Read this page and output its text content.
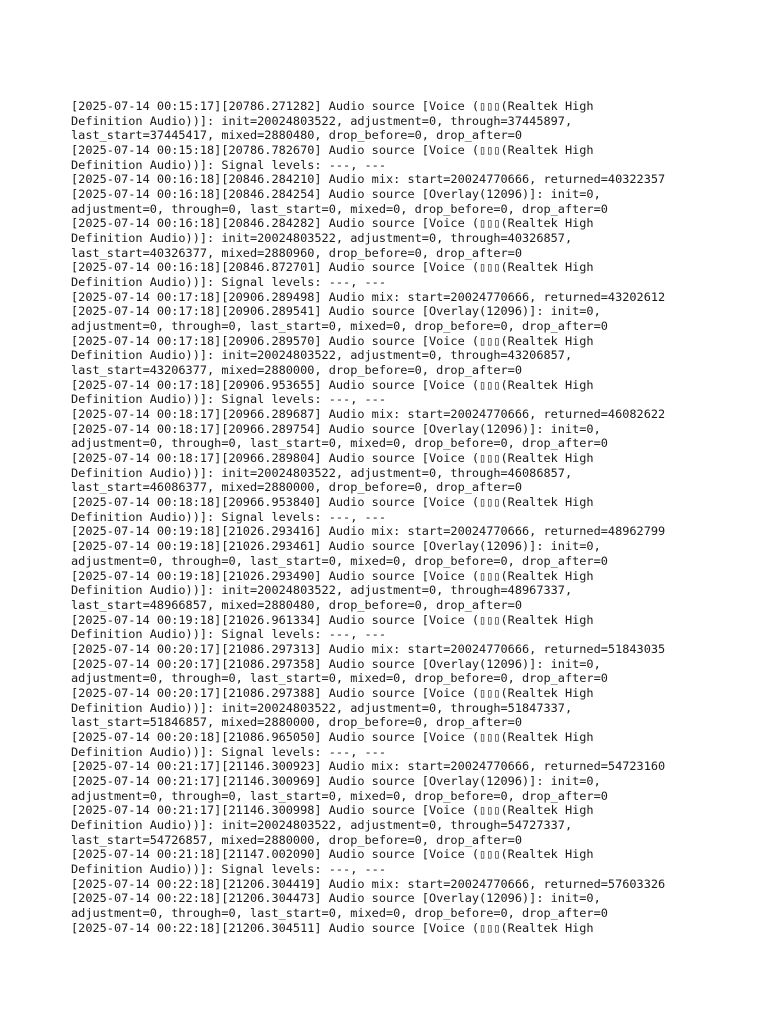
[2025-07-14 00:15:17][20786.271282] Audio source [Voice (▯▯▯(Realtek High
Definition Audio))]: init=20024803522, adjustment=0, through=37445897,
last_start=37445417, mixed=2880480, drop_before=0, drop_after=0
[2025-07-14 00:15:18][20786.782670] Audio source [Voice (▯▯▯(Realtek High
Definition Audio))]: Signal levels: ---, ---
[2025-07-14 00:16:18][20846.284210] Audio mix: start=20024770666, returned=40322357
[2025-07-14 00:16:18][20846.284254] Audio source [Overlay(12096)]: init=0,
adjustment=0, through=0, last_start=0, mixed=0, drop_before=0, drop_after=0
[2025-07-14 00:16:18][20846.284282] Audio source [Voice (▯▯▯(Realtek High
Definition Audio))]: init=20024803522, adjustment=0, through=40326857,
last_start=40326377, mixed=2880960, drop_before=0, drop_after=0
[2025-07-14 00:16:18][20846.872701] Audio source [Voice (▯▯▯(Realtek High
Definition Audio))]: Signal levels: ---, ---
[2025-07-14 00:17:18][20906.289498] Audio mix: start=20024770666, returned=43202612
[2025-07-14 00:17:18][20906.289541] Audio source [Overlay(12096)]: init=0,
adjustment=0, through=0, last_start=0, mixed=0, drop_before=0, drop_after=0
[2025-07-14 00:17:18][20906.289570] Audio source [Voice (▯▯▯(Realtek High
Definition Audio))]: init=20024803522, adjustment=0, through=43206857,
last_start=43206377, mixed=2880000, drop_before=0, drop_after=0
[2025-07-14 00:17:18][20906.953655] Audio source [Voice (▯▯▯(Realtek High
Definition Audio))]: Signal levels: ---, ---
[2025-07-14 00:18:17][20966.289687] Audio mix: start=20024770666, returned=46082622
[2025-07-14 00:18:17][20966.289754] Audio source [Overlay(12096)]: init=0,
adjustment=0, through=0, last_start=0, mixed=0, drop_before=0, drop_after=0
[2025-07-14 00:18:17][20966.289804] Audio source [Voice (▯▯▯(Realtek High
Definition Audio))]: init=20024803522, adjustment=0, through=46086857,
last_start=46086377, mixed=2880000, drop_before=0, drop_after=0
[2025-07-14 00:18:18][20966.953840] Audio source [Voice (▯▯▯(Realtek High
Definition Audio))]: Signal levels: ---, ---
[2025-07-14 00:19:18][21026.293416] Audio mix: start=20024770666, returned=48962799
[2025-07-14 00:19:18][21026.293461] Audio source [Overlay(12096)]: init=0,
adjustment=0, through=0, last_start=0, mixed=0, drop_before=0, drop_after=0
[2025-07-14 00:19:18][21026.293490] Audio source [Voice (▯▯▯(Realtek High
Definition Audio))]: init=20024803522, adjustment=0, through=48967337,
last_start=48966857, mixed=2880480, drop_before=0, drop_after=0
[2025-07-14 00:19:18][21026.961334] Audio source [Voice (▯▯▯(Realtek High
Definition Audio))]: Signal levels: ---, ---
[2025-07-14 00:20:17][21086.297313] Audio mix: start=20024770666, returned=51843035
[2025-07-14 00:20:17][21086.297358] Audio source [Overlay(12096)]: init=0,
adjustment=0, through=0, last_start=0, mixed=0, drop_before=0, drop_after=0
[2025-07-14 00:20:17][21086.297388] Audio source [Voice (▯▯▯(Realtek High
Definition Audio))]: init=20024803522, adjustment=0, through=51847337,
last_start=51846857, mixed=2880000, drop_before=0, drop_after=0
[2025-07-14 00:20:18][21086.965050] Audio source [Voice (▯▯▯(Realtek High
Definition Audio))]: Signal levels: ---, ---
[2025-07-14 00:21:17][21146.300923] Audio mix: start=20024770666, returned=54723160
[2025-07-14 00:21:17][21146.300969] Audio source [Overlay(12096)]: init=0,
adjustment=0, through=0, last_start=0, mixed=0, drop_before=0, drop_after=0
[2025-07-14 00:21:17][21146.300998] Audio source [Voice (▯▯▯(Realtek High
Definition Audio))]: init=20024803522, adjustment=0, through=54727337,
last_start=54726857, mixed=2880000, drop_before=0, drop_after=0
[2025-07-14 00:21:18][21147.002090] Audio source [Voice (▯▯▯(Realtek High
Definition Audio))]: Signal levels: ---, ---
[2025-07-14 00:22:18][21206.304419] Audio mix: start=20024770666, returned=57603326
[2025-07-14 00:22:18][21206.304473] Audio source [Overlay(12096)]: init=0,
adjustment=0, through=0, last_start=0, mixed=0, drop_before=0, drop_after=0
[2025-07-14 00:22:18][21206.304511] Audio source [Voice (▯▯▯(Realtek High
